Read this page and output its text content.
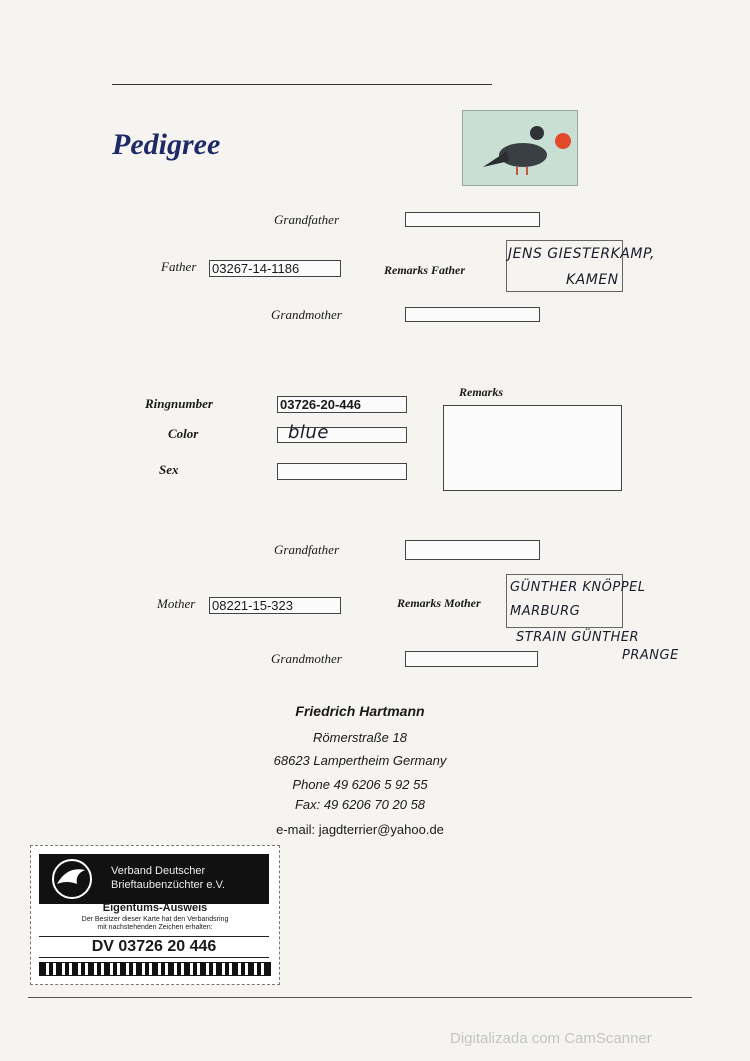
Pedigree
Grandfather
Father 03267-14-1186	Remarks Father
JENS GIESTERKAMP,
KAMEN
Grandmother
Ringnumber	03726-20-446
Color	blue
Sex
Remarks
Grandfather
Mother 08221-15-323	Remarks Mother
GÜNTHER KNÖPPEL
MARBURG
STRAIN GÜNTHER
PRANGE
Grandmother
Friedrich Hartmann
Römerstraße 18
68623 Lampertheim Germany
Phone 49 6206 5 92 55
Fax: 49 6206 70 20 58
e-mail: jagdterrier@yahoo.de
Verband Deutscher
Brieftaubenzüchter e.V.
Eigentums-Ausweis
Der Besitzer dieser Karte hat den Verbandsring
mit nachstehenden Zeichen erhalten:
DV 03726 20 446
Digitalizada com CamScanner
